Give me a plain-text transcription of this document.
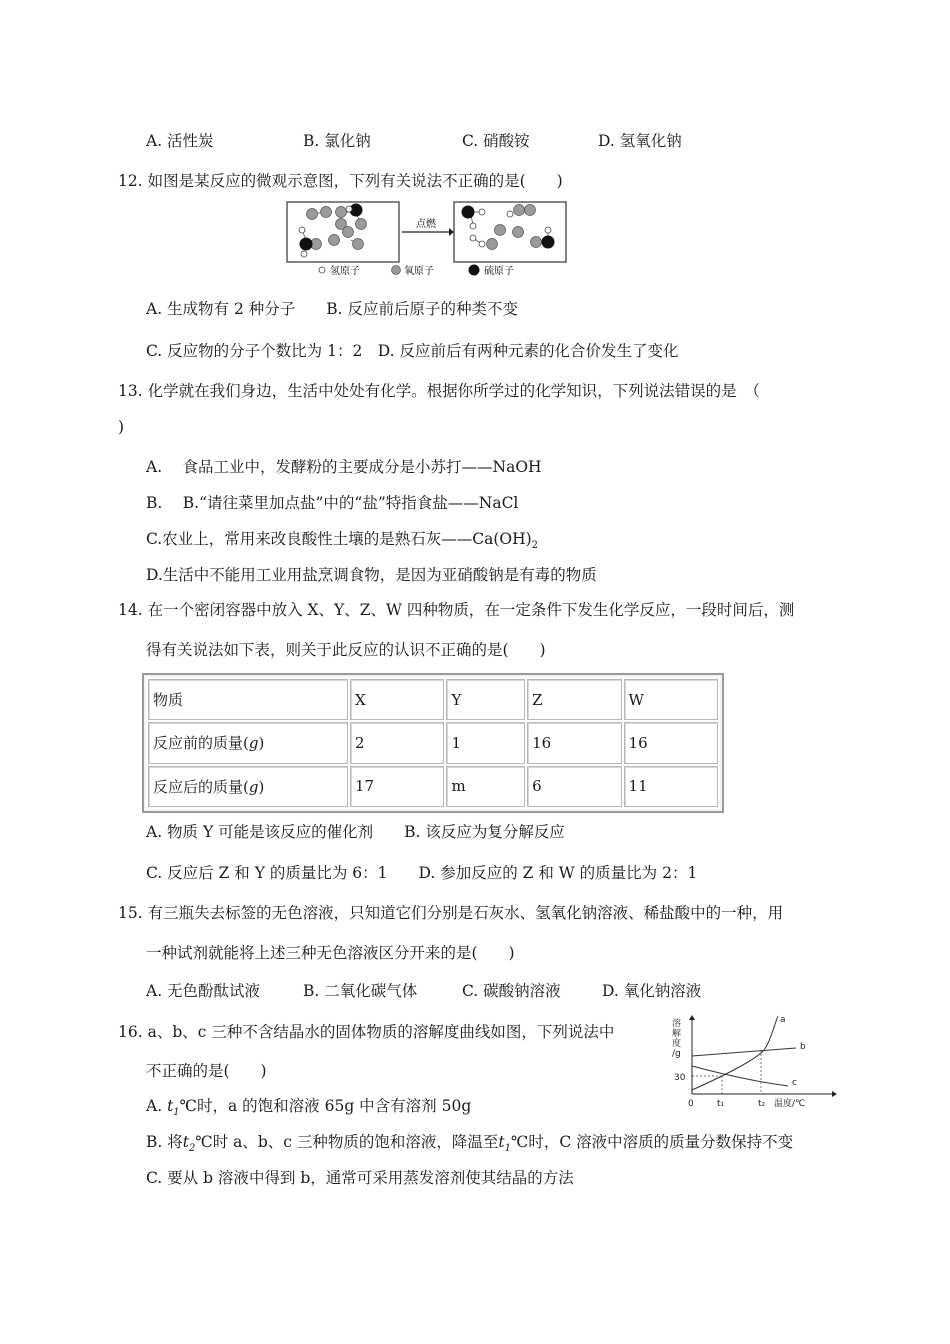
A. 活性炭	B. 氯化钠	C. 硝酸铵	D. 氢氧化钠
12. 如图是某反应的微观示意图，下列有关说法不正确的是(　　)
点燃
氢原子	氧原子	硫原子
A. 生成物有 2 种分子　　B. 反应前后原子的种类不变
C. 反应物的分子个数比为 1：2　D. 反应前后有两种元素的化合价发生了变化
13. 化学就在我们身边，生活中处处有化学。根据你所学过的化学知识，下列说法错误的是　（
)
A.　 食品工业中，发酵粉的主要成分是小苏打——NaOH
B.　 B.“请往菜里加点盐”中的“盐”特指食盐——NaCl
C.农业上，常用来改良酸性土壤的是熟石灰$——Ca(OH)_2$
D.生活中不能用工业用盐烹调食物，是因为亚硝酸钠是有毒的物质
14. 在一个密闭容器中放入 X、Y、Z、W 四种物质，在一定条件下发生化学反应，一段时间后，测
得有关说法如下表，则关于此反应的认识不正确的是(　　)
物质	X	Y	Z	W
反应前的质量(g)	2	1	16	16
反应后的质量(g)	17	m	6	11
A. 物质 Y 可能是该反应的催化剂　　B. 该反应为复分解反应
C. 反应后 Z 和 Y 的质量比为 6：1　　D. 参加反应的 Z 和 W 的质量比为 2：1
15. 有三瓶失去标签的无色溶液，只知道它们分别是石灰水、氢氧化钠溶液、稀盐酸中的一种，用
一种试剂就能将上述三种无色溶液区分开来的是(　　)
A. 无色酚酞试液	B. 二氧化碳气体	C. 碳酸钠溶液	D. 氧化钠溶液
16. a、b、c 三种不含结晶水的固体物质的溶解度曲线如图，下列说法中
不正确的是(　　)
A. $t_1℃$时，a 的饱和溶液 65g 中含有溶剂 50g
B. 将$t_2℃$时 a、b、c 三种物质的饱和溶液，降温至$t_1℃$时，C 溶液中溶质的质量分数保持不变
C. 要从 b 溶液中得到 b，通常可采用蒸发溶剂使其结晶的方法
溶
解
度
/g
30
0	t₁	t₂ 温度/℃
a
b
c
